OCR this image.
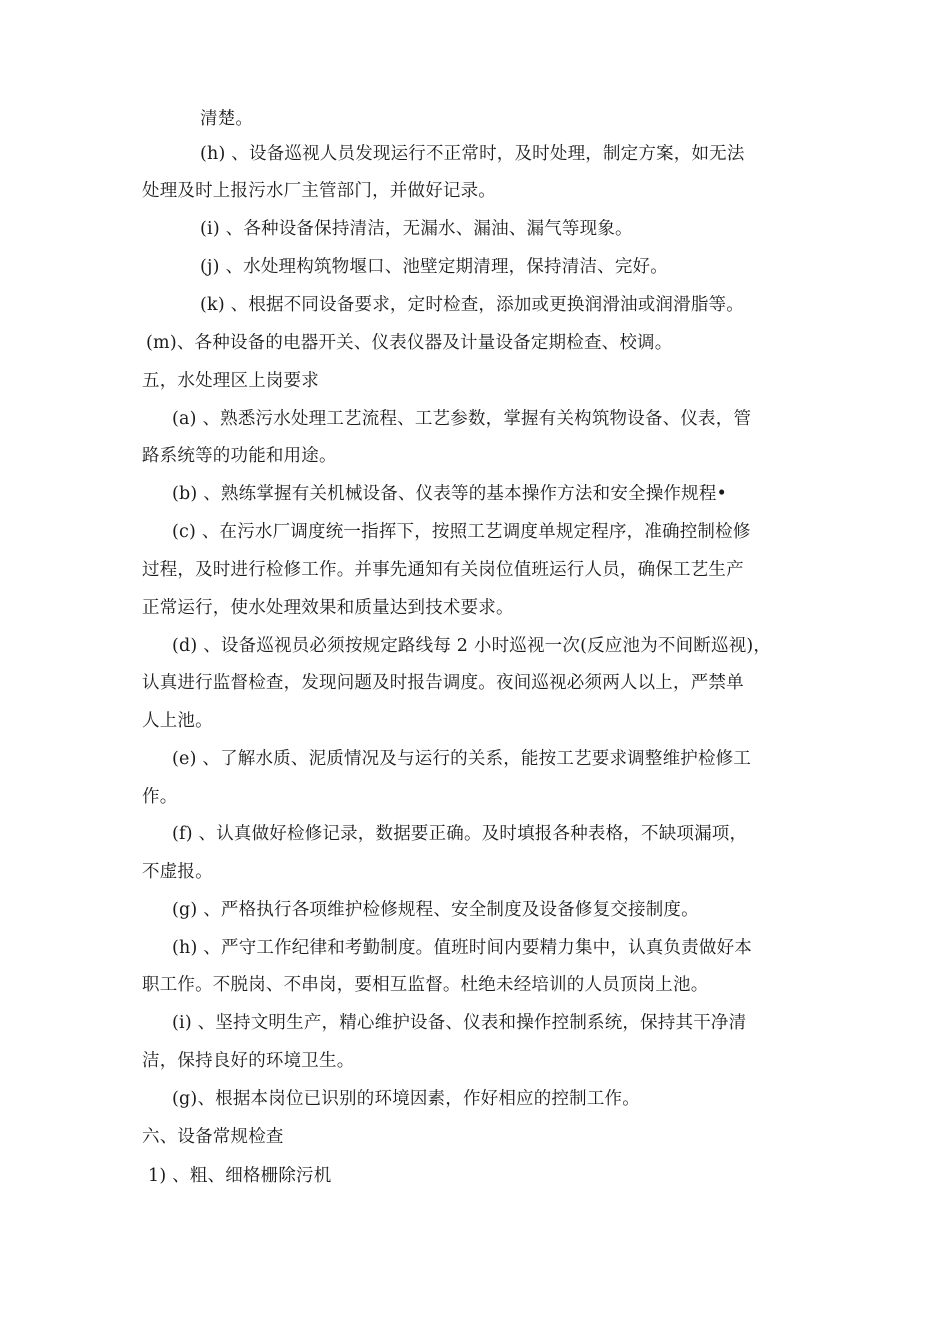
清楚。
(h) 、设备巡视人员发现运行不正常时，及时处理，制定方案，如无法
处理及时上报污水厂主管部门，并做好记录。
(i) 、各种设备保持清洁，无漏水、漏油、漏气等现象。
(j) 、水处理构筑物堰口、池壁定期清理，保持清洁、完好。
(k) 、根据不同设备要求，定时检查，添加或更换润滑油或润滑脂等。
(m)、各种设备的电器开关、仪表仪器及计量设备定期检查、校调。
五，水处理区上岗要求
(a) 、熟悉污水处理工艺流程、工艺参数，掌握有关构筑物设备、仪表，管
路系统等的功能和用途。
(b) 、熟练掌握有关机械设备、仪表等的基本操作方法和安全操作规程•
(c) 、在污水厂调度统一指挥下，按照工艺调度单规定程序，准确控制检修
过程，及时进行检修工作。并事先通知有关岗位值班运行人员，确保工艺生产
正常运行，使水处理效果和质量达到技术要求。
(d) 、设备巡视员必须按规定路线每 2 小时巡视一次(反应池为不间断巡视)，
认真进行监督检查，发现问题及时报告调度。夜间巡视必须两人以上，严禁单
人上池。
(e) 、了解水质、泥质情况及与运行的关系，能按工艺要求调整维护检修工
作。
(f) 、认真做好检修记录，数据要正确。及时填报各种表格，不缺项漏项，
不虚报。
(g) 、严格执行各项维护检修规程、安全制度及设备修复交接制度。
(h) 、严守工作纪律和考勤制度。值班时间内要精力集中，认真负责做好本
职工作。不脱岗、不串岗，要相互监督。杜绝未经培训的人员顶岗上池。
(i) 、坚持文明生产，精心维护设备、仪表和操作控制系统，保持其干净清
洁，保持良好的环境卫生。
(g)、根据本岗位已识别的环境因素，作好相应的控制工作。
六、设备常规检查
1) 、粗、细格栅除污机
